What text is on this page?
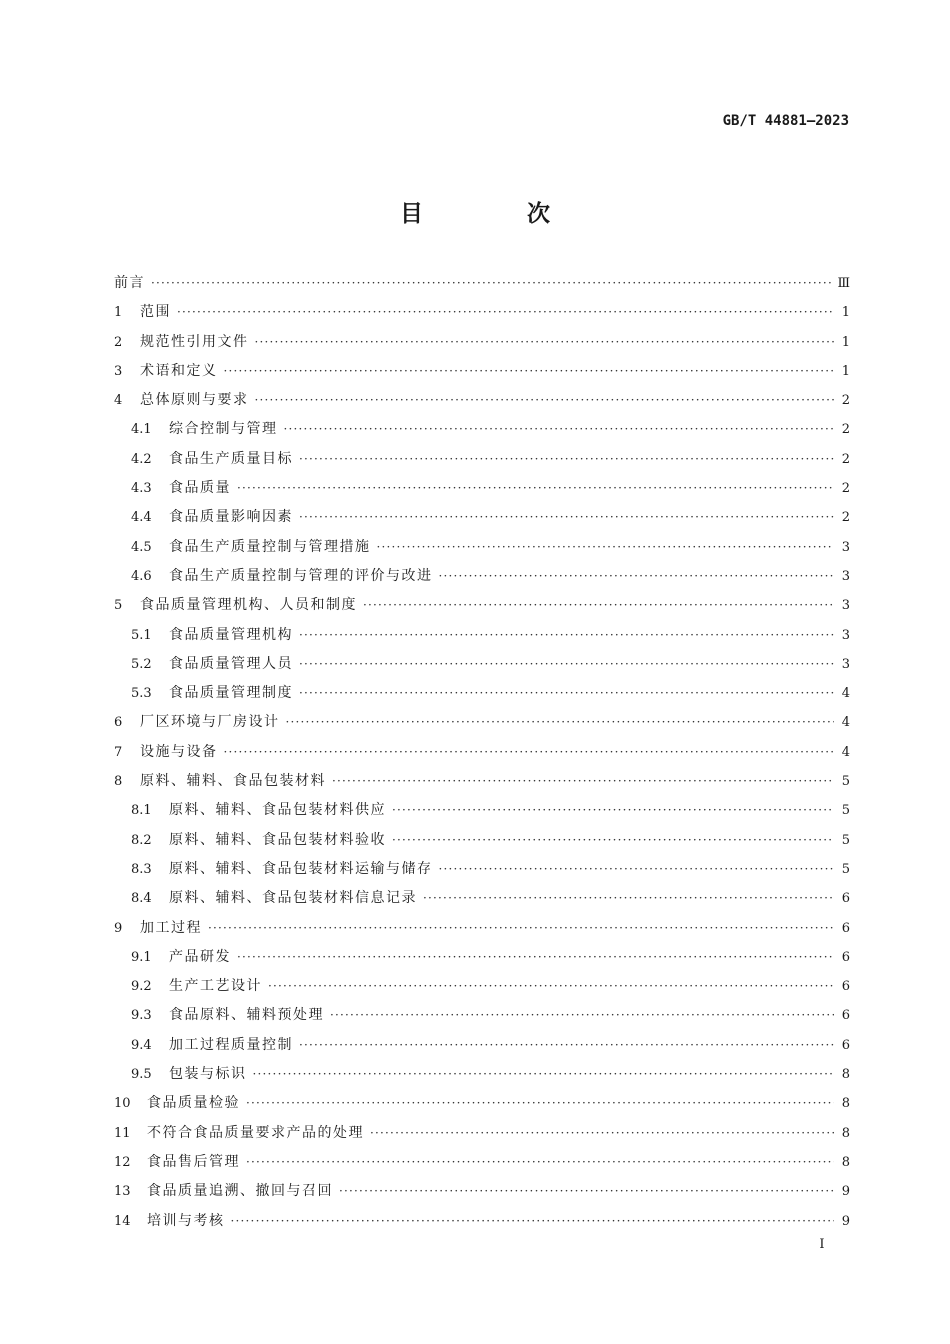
GB/T 44881—2023
目 次
前言 ·····	Ⅲ
1	范围 ·····	1
2	规范性引用文件 ·····	1
3	术语和定义 ·····	1
4	总体原则与要求 ·····	2
4.1	综合控制与管理 ·····	2
4.2	食品生产质量目标 ·····	2
4.3	食品质量 ·····	2
4.4	食品质量影响因素 ·····	2
4.5	食品生产质量控制与管理措施 ·····	3
4.6	食品生产质量控制与管理的评价与改进 ·····	3
5	食品质量管理机构、人员和制度 ·····	3
5.1	食品质量管理机构 ·····	3
5.2	食品质量管理人员 ·····	3
5.3	食品质量管理制度 ·····	4
6	厂区环境与厂房设计 ·····	4
7	设施与设备 ·····	4
8	原料、辅料、食品包装材料 ·····	5
8.1	原料、辅料、食品包装材料供应 ·····	5
8.2	原料、辅料、食品包装材料验收 ·····	5
8.3	原料、辅料、食品包装材料运输与储存 ·····	5
8.4	原料、辅料、食品包装材料信息记录 ·····	6
9	加工过程 ·····	6
9.1	产品研发 ·····	6
9.2	生产工艺设计 ·····	6
9.3	食品原料、辅料预处理 ·····	6
9.4	加工过程质量控制 ·····	6
9.5	包装与标识 ·····	8
10	食品质量检验 ·····	8
11	不符合食品质量要求产品的处理 ·····	8
12	食品售后管理 ·····	8
13	食品质量追溯、撤回与召回 ·····	9
14	培训与考核 ·····	9
I
